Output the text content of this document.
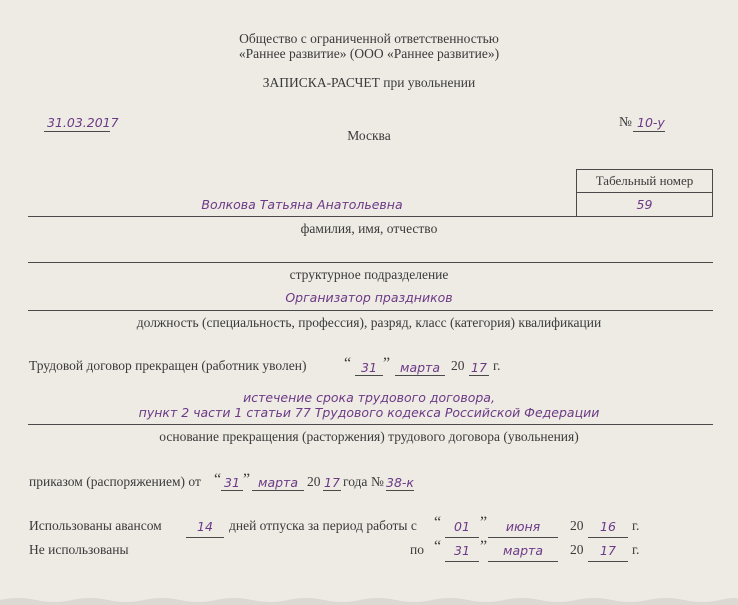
Общество с ограниченной ответственностью
«Раннее развитие» (ООО «Раннее развитие»)
ЗАПИСКА-РАСЧЕТ при увольнении
31.03.2017
Москва
№ 10-у
Табельный номер
59
Волкова Татьяна Анатольевна
фамилия, имя, отчество
структурное подразделение
Организатор праздников
должность (специальность, профессия), разряд, класс (категория) квалификации
Трудовой договор прекращен (работник уволен) “ 31 ” марта 20 17 г.
истечение срока трудового договора,
пункт 2 части 1 статьи 77 Трудового кодекса Российской Федерации
основание прекращения (расторжения) трудового договора (увольнения)
приказом (распоряжением) от “ 31 ” марта 20 17 года № 38-к
Использованы авансом	14	дней отпуска за период работы с “	01 ”	июня	20	16	г.
Не использованы	по “	31 ”	марта	20	17	г.
